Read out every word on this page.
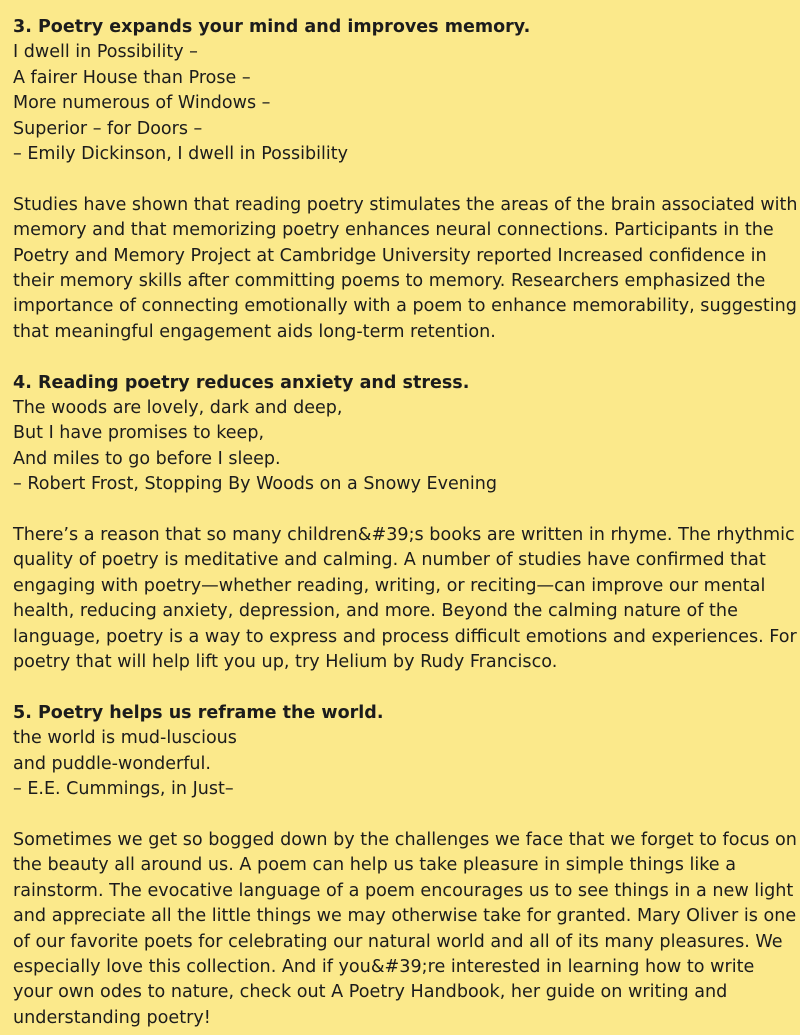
3. Poetry expands your mind and improves memory.
I dwell in Possibility –
A fairer House than Prose –
More numerous of Windows –
Superior – for Doors –
– Emily Dickinson, I dwell in Possibility
Studies have shown that reading poetry stimulates the areas of the brain associated with
memory and that memorizing poetry enhances neural connections. Participants in the
Poetry and Memory Project at Cambridge University reported Increased confidence in
their memory skills after committing poems to memory. Researchers emphasized the
importance of connecting emotionally with a poem to enhance memorability, suggesting
that meaningful engagement aids long-term retention.
4. Reading poetry reduces anxiety and stress.
The woods are lovely, dark and deep,
But I have promises to keep,
And miles to go before I sleep.
– Robert Frost, Stopping By Woods on a Snowy Evening
There’s a reason that so many children&#39;s books are written in rhyme. The rhythmic
quality of poetry is meditative and calming. A number of studies have confirmed that
engaging with poetry—whether reading, writing, or reciting—can improve our mental
health, reducing anxiety, depression, and more. Beyond the calming nature of the
language, poetry is a way to express and process difficult emotions and experiences. For
poetry that will help lift you up, try Helium by Rudy Francisco.
5. Poetry helps us reframe the world.
the world is mud-luscious
and puddle-wonderful.
– E.E. Cummings, in Just–
Sometimes we get so bogged down by the challenges we face that we forget to focus on
the beauty all around us. A poem can help us take pleasure in simple things like a
rainstorm. The evocative language of a poem encourages us to see things in a new light
and appreciate all the little things we may otherwise take for granted. Mary Oliver is one
of our favorite poets for celebrating our natural world and all of its many pleasures. We
especially love this collection. And if you&#39;re interested in learning how to write
your own odes to nature, check out A Poetry Handbook, her guide on writing and
understanding poetry!
